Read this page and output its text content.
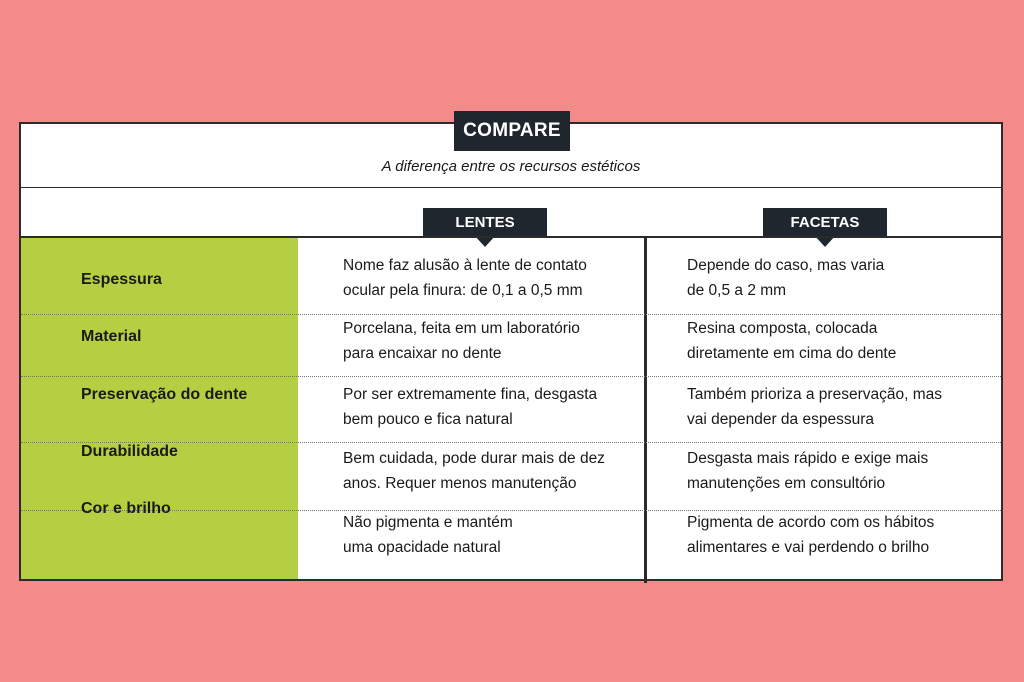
COMPARE
A diferença entre os recursos estéticos
LENTES	FACETAS
Espessura
Material
Preservação do dente
Durabilidade
Cor e brilho
Nome faz alusão à lente de contato
ocular pela finura: de 0,1 a 0,5 mm
Porcelana, feita em um laboratório
para encaixar no dente
Por ser extremamente fina, desgasta
bem pouco e fica natural
Bem cuidada, pode durar mais de dez
anos. Requer menos manutenção
Não pigmenta e mantém
uma opacidade natural
Depende do caso, mas varia
de 0,5 a 2 mm
Resina composta, colocada
diretamente em cima do dente
Também prioriza a preservação, mas
vai depender da espessura
Desgasta mais rápido e exige mais
manutenções em consultório
Pigmenta de acordo com os hábitos
alimentares e vai perdendo o brilho
